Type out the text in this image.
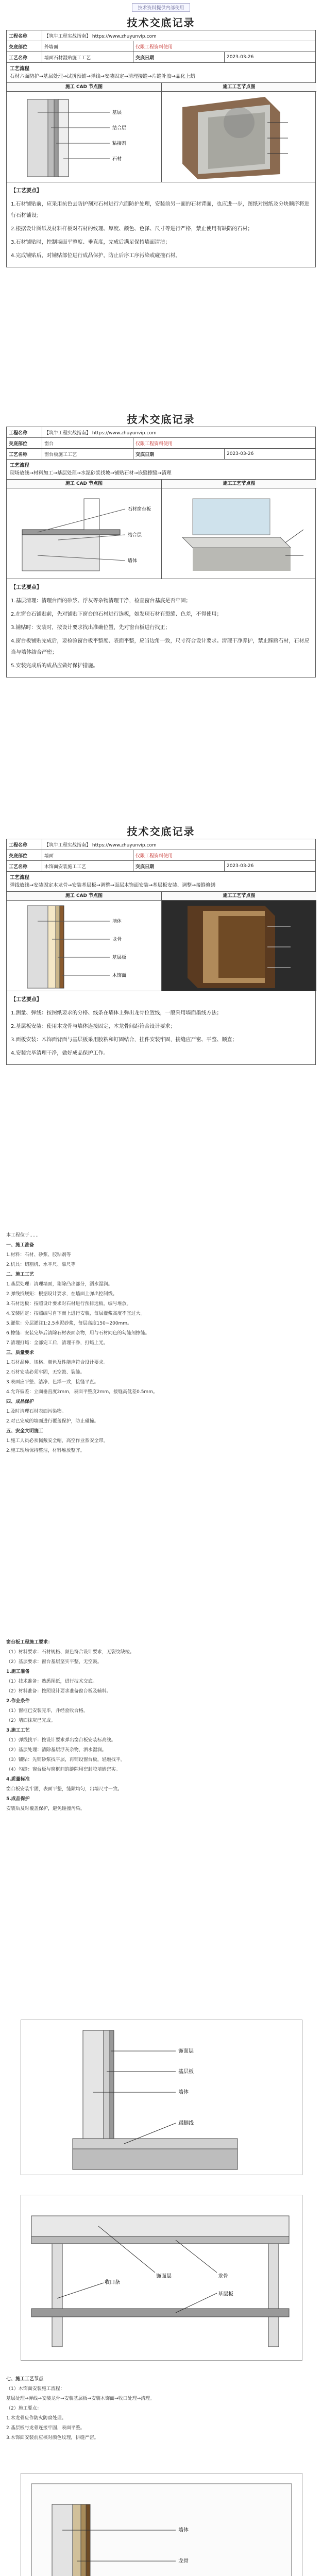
技术资料提供内部使用
技术交底记录
工程名称	【筑牛工程实战指南】 https://www.zhuyunvip.com		
交底部位	外墙面	仅限工程资料使用	
工艺名称	墙面石材湿贴施工工艺	交底日期	2023-03-26
工艺流程
石材六面防护→基层处理→试拼预铺→弹线→安装固定→清理接缝→片缝补胶→晶化上蜡
施工 CAD 节点图
基层
结合层
粘接剂
石材
施工工艺节点图

【工艺要点】

1.石材铺贴前，应采用抗色去防护剂对石材进行六面防护处理，安装前另一面的石材背面，也应进一步，图纸对图纸及分块顺序将进行石材铺设；

2.根据设计图纸及材料样板对石材的纹理、厚度、颜色、色泽、尺寸等进行严格，禁止使用有缺陷的石材；

3.石材铺贴时，控制墙面平整度、垂直度，完成后满足保持墙面清洁；

4.完成铺贴后，对铺贴部位进行成品保护，防止后序工序污染或碰撞石材。

技术交底记录
工程名称	【筑牛工程实战指南】 https://www.zhuyunvip.com		
交底部位	窗台	仅限工程资料使用	
工艺名称	窗台板施工工艺	交底日期	2023-03-26
工艺流程
现场放线→材料加工→基层处理→水泥砂浆找坡→铺贴石材→嵌缝擦缝→清理
施工 CAD 节点图
石材窗台板
结合层
墙体
施工工艺节点图

【工艺要点】

1.基层清理：清理台面的砂浆、浮灰等杂物清理干净，检查窗台基底是否牢固；

2.在窗台石铺贴前，先对铺贴下窗台的石材进行选板，如发现石材有裂缝、色差，不得使用；

3.铺贴时：安装时，按设计要求找出准确位置，先对窗台板进行找正；

4.窗台板铺贴完成后，要检验窗台板平整度、表面平整，应当边角一致，尺寸符合设计要求。清理干净养护，禁止踩踏石材，石材应当与墙体结合严密；

5.安装完成后的成品应做好保护措施。

技术交底记录
工程名称	【筑牛工程实战指南】 https://www.zhuyunvip.com		
交底部位	墙面	仅限工程资料使用	
工艺名称	木饰面安装施工工艺	交底日期	2023-03-26
工艺流程
弹线放线→安装固定木龙骨→安装基层板→调整→面层木饰面安装→基层板安装、调整→接缝修缮
施工 CAD 节点图
墙体
龙骨
基层板
木饰面
施工工艺节点图

【工艺要点】

1.测量、弹线：按图纸要求的分格、线条在墙体上弹出龙骨位置线，一般采用墙面墨线方法；

2.基层板安装：使用木龙骨与墙体连接固定，木龙骨间距符合设计要求；

3.面板安装：木饰面背面与基层板采用胶粘和钉固结合，挂件安装牢固，接缝应严密、平整、顺直；

4.安装完毕清理干净，做好成品保护工作。

本工程位于……

一、施工准备

1.材料：石材、砂浆、胶粘剂等

2.机具：切割机、水平尺、靠尺等

二、施工工艺

1.基层处理：清理墙面，剔除凸出部分，洒水湿润。

2.弹线找规矩：根据设计要求，在墙面上弹出控制线。

3.石材选板：按照设计要求对石材进行预排选板，编号堆放。

4.安装固定：按照编号自下而上进行安装，每层灌浆高度不宜过大。

5.灌浆：分层灌注1:2.5水泥砂浆，每层高度150~200mm。

6.擦缝：安装完毕后清除石材表面杂物，用与石材同色的勾缝剂擦缝。

7.清理打蜡：全部完工后，清理干净，打蜡上光。

三、质量要求

1.石材品种、规格、颜色及性能应符合设计要求。

2.石材安装必须牢固，无空鼓、裂缝。

3.表面应平整、洁净、色泽一致，接缝平直。

4.允许偏差：立面垂直度2mm，表面平整度2mm，接缝高低差0.5mm。

四、成品保护

1.及时清理石材表面污染物。

2.对已完成的墙面进行覆盖保护，防止碰撞。

五、安全文明施工

1.施工人员必须佩戴安全帽，高空作业系安全带。

2.施工现场保持整洁，材料堆放整齐。

窗台板工程施工要求：

（1）材料要求：石材规格、颜色符合设计要求，无裂纹缺棱。

（2）基层要求：窗台基层坚实平整，无空鼓。

1.施工准备

（1）技术准备：熟悉图纸，进行技术交底。

（2）材料准备：按照设计要求准备窗台板及辅料。

2.作业条件

（1）窗框已安装完毕，并经验收合格。

（2）墙面抹灰已完成。

3.施工工艺

（1）弹线找平：按设计要求弹出窗台板安装标高线。

（2）基层处理：清除基层浮灰杂物，洒水湿润。

（3）铺贴：先铺砂浆找平层，再铺设窗台板，轻敲找平。

（4）勾缝：窗台板与窗框间的缝隙用密封胶填嵌密实。

4.质量标准

窗台板安装牢固，表面平整，缝隙均匀，出墙尺寸一致。

5.成品保护

安装后及时覆盖保护，避免碰撞污染。

饰面层
基层板
墙体
踢脚线
饰面层	龙骨
收口条
基层板

七、施工工艺节点

（1）木饰面安装施工流程：

基层处理→弹线→安装龙骨→安装基层板→安装木饰面→收口处理→清理。

（2）施工要点：

1.木龙骨应作防火防腐处理。

2.基层板与龙骨连接牢固，表面平整。

3.木饰面安装前应核对颜色纹理，拼缝严密。

墙体
龙骨
